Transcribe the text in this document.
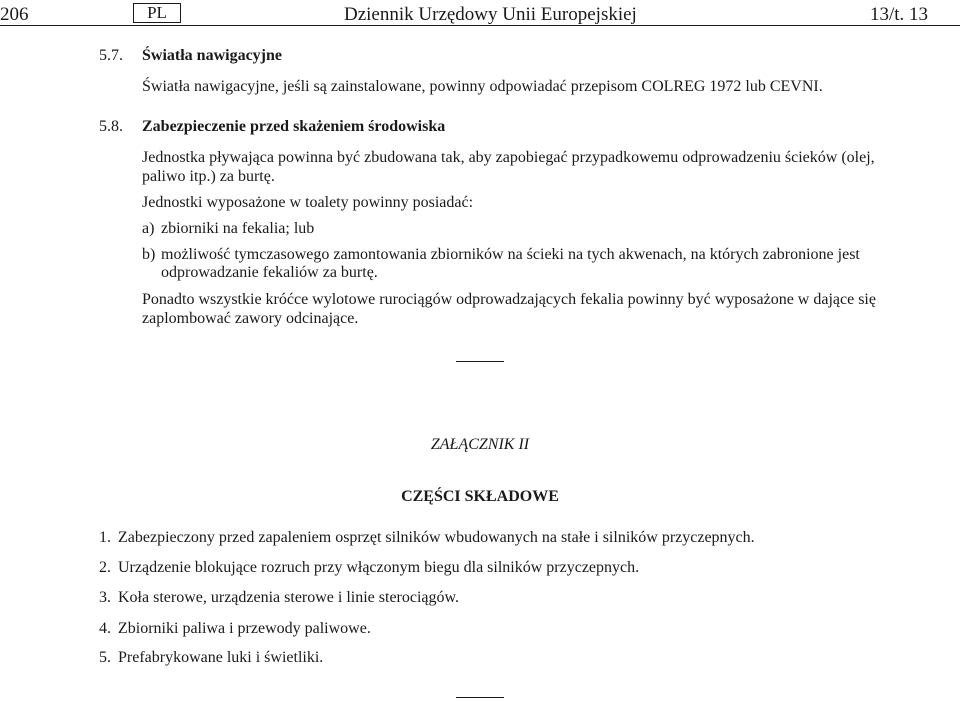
206	PL	Dziennik Urzędowy Unii Europejskiej	13/t. 13
5.7. Światła nawigacyjne
Światła nawigacyjne, jeśli są zainstalowane, powinny odpowiadać przepisom COLREG 1972 lub CEVNI.
5.8. Zabezpieczenie przed skażeniem środowiska
Jednostka pływająca powinna być zbudowana tak, aby zapobiegać przypadkowemu odprowadzeniu ścieków (olej,
paliwo itp.) za burtę.
Jednostki wyposażone w toalety powinny posiadać:
a) zbiorniki na fekalia; lub
b) możliwość tymczasowego zamontowania zbiorników na ścieki na tych akwenach, na których zabronione jest
odprowadzanie fekaliów za burtę.
Ponadto wszystkie króćce wylotowe rurociągów odprowadzających fekalia powinny być wyposażone w dające się
zaplombować zawory odcinające.
ZAŁĄCZNIK II
CZĘŚCI SKŁADOWE
1. Zabezpieczony przed zapaleniem osprzęt silników wbudowanych na stałe i silników przyczepnych.
2. Urządzenie blokujące rozruch przy włączonym biegu dla silników przyczepnych.
3. Koła sterowe, urządzenia sterowe i linie sterociągów.
4. Zbiorniki paliwa i przewody paliwowe.
5. Prefabrykowane luki i świetliki.
